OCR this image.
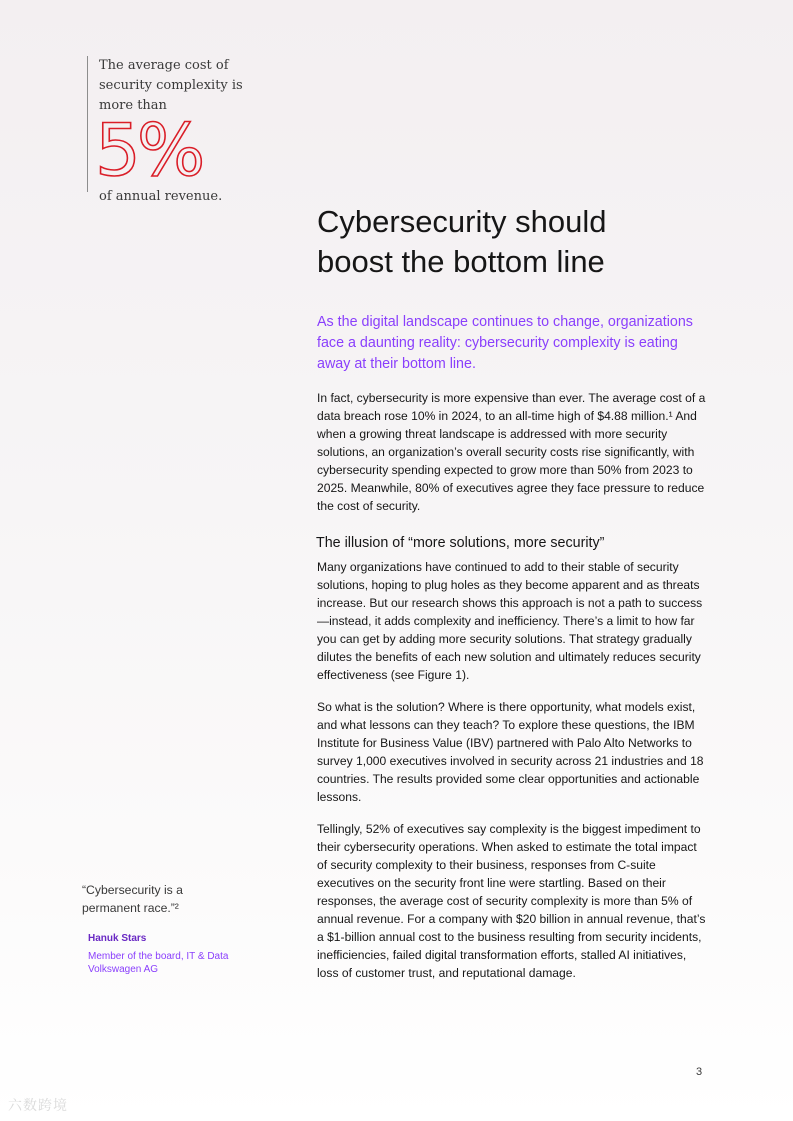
The average cost of security complexity is more than

5%

of annual revenue.

Cybersecurity should boost the bottom line

As the digital landscape continues to change, organizations face a daunting reality: cybersecurity complexity is eating away at their bottom line.

In fact, cybersecurity is more expensive than ever. The average cost of a data breach rose 10% in 2024, to an all-time high of $4.88 million.¹ And when a growing threat landscape is addressed with more security solutions, an organization’s overall security costs rise significantly, with cybersecurity spending expected to grow more than 50% from 2023 to 2025. Meanwhile, 80% of executives agree they face pressure to reduce the cost of security.

The illusion of “more solutions, more security”

Many organizations have continued to add to their stable of security solutions, hoping to plug holes as they become apparent and as threats increase. But our research shows this approach is not a path to success—instead, it adds complexity and inefficiency. There’s a limit to how far you can get by adding more security solutions. That strategy gradually dilutes the benefits of each new solution and ultimately reduces security effectiveness (see Figure 1).

So what is the solution? Where is there opportunity, what models exist, and what lessons can they teach? To explore these questions, the IBM Institute for Business Value (IBV) partnered with Palo Alto Networks to survey 1,000 executives involved in security across 21 industries and 18 countries. The results provided some clear opportunities and actionable lessons.

Tellingly, 52% of executives say complexity is the biggest impediment to their cybersecurity operations. When asked to estimate the total impact of security complexity to their business, responses from C-suite executives on the security front line were startling. Based on their responses, the average cost of security complexity is more than 5% of annual revenue. For a company with $20 billion in annual revenue, that’s a $1-billion annual cost to the business resulting from security incidents, inefficiencies, failed digital transformation efforts, stalled AI initiatives, loss of customer trust, and reputational damage.

“Cybersecurity is a permanent race.”²

Hanuk Stars
Member of the board, IT & Data
Volkswagen AG
3
六数跨境
